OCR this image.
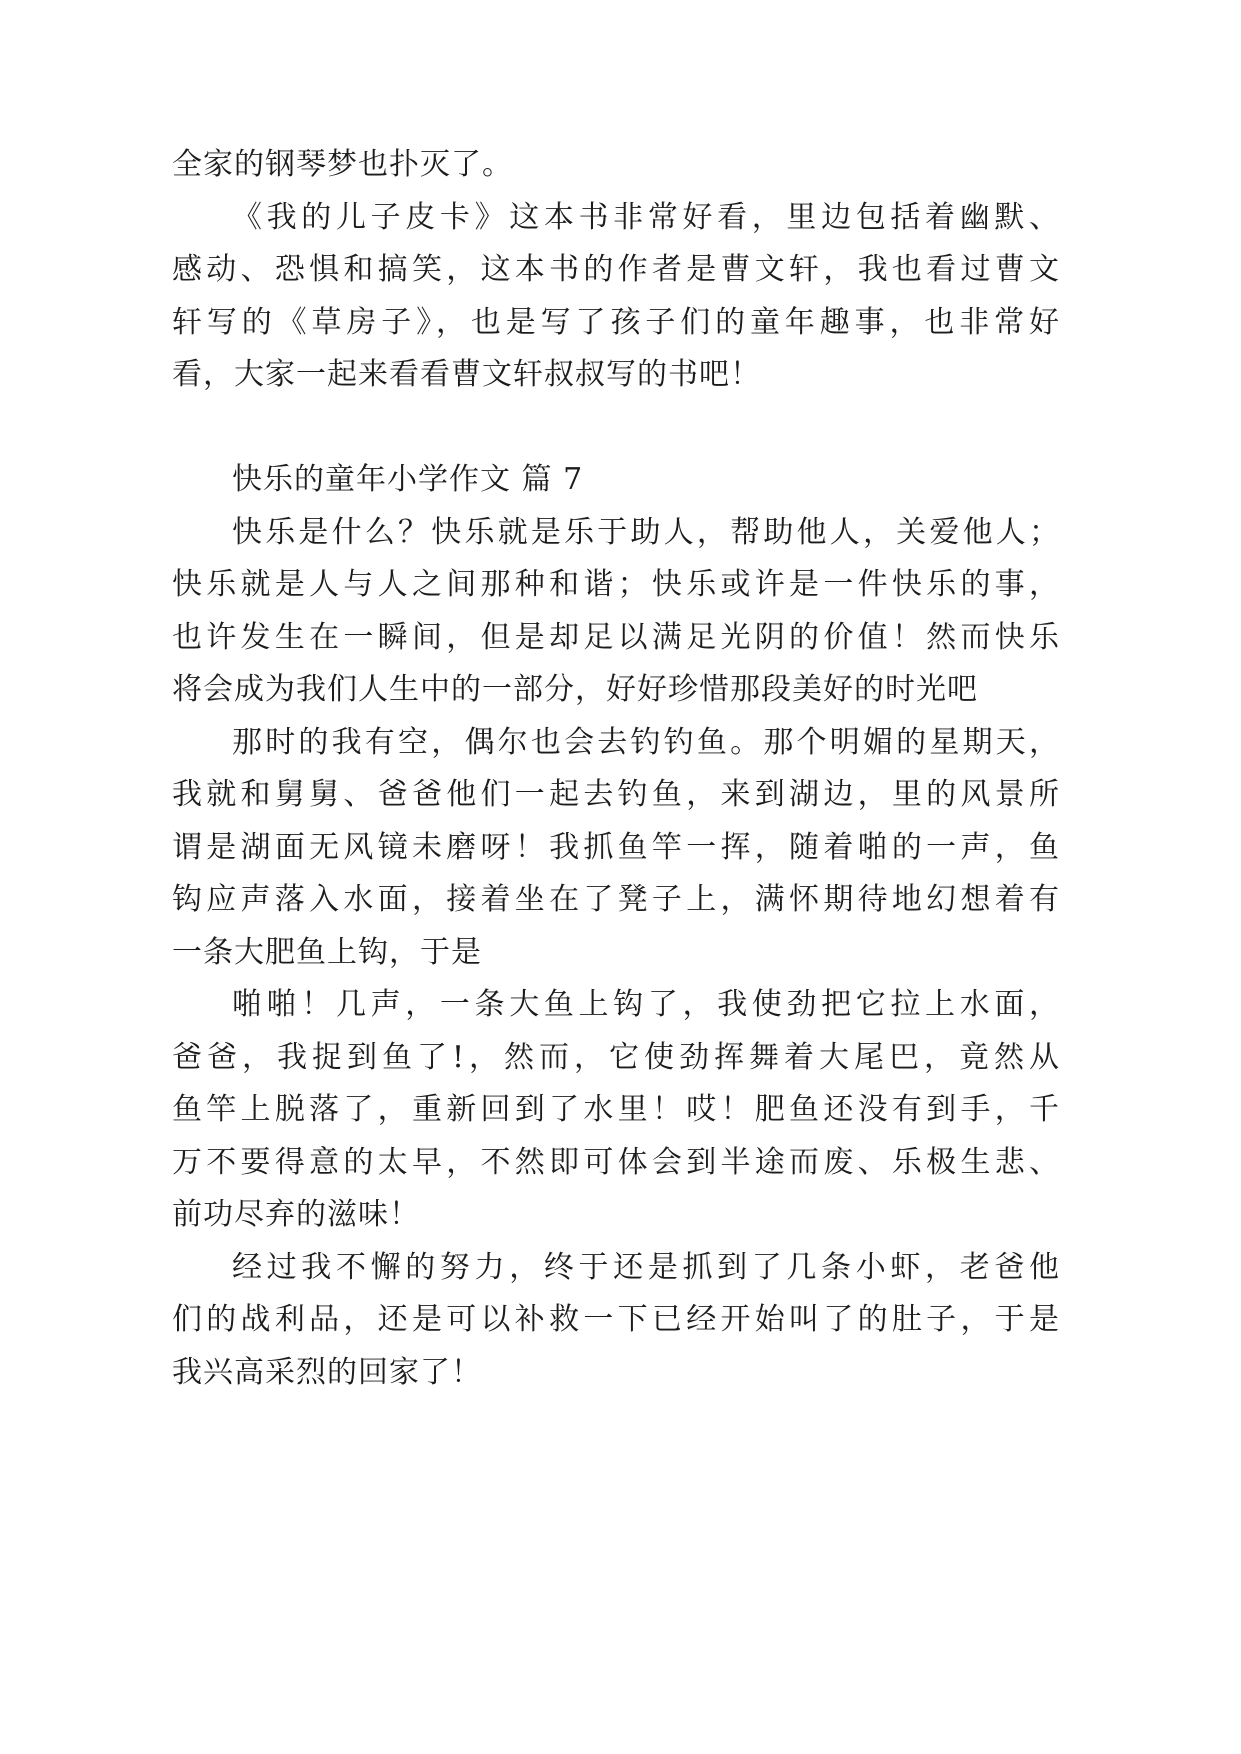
全家的钢琴梦也扑灭了。
《我的儿子皮卡》这本书非常好看，里边包括着幽默、
感动、恐惧和搞笑，这本书的作者是曹文轩，我也看过曹文
轩写的《草房子》，也是写了孩子们的童年趣事，也非常好
看，大家一起来看看曹文轩叔叔写的书吧！
快乐的童年小学作文 篇 7
快乐是什么？快乐就是乐于助人，帮助他人，关爱他人；
快乐就是人与人之间那种和谐；快乐或许是一件快乐的事，
也许发生在一瞬间，但是却足以满足光阴的价值！然而快乐
将会成为我们人生中的一部分，好好珍惜那段美好的时光吧
那时的我有空，偶尔也会去钓钓鱼。那个明媚的星期天，
我就和舅舅、爸爸他们一起去钓鱼，来到湖边，里的风景所
谓是湖面无风镜未磨呀！我抓鱼竿一挥，随着啪的一声，鱼
钩应声落入水面，接着坐在了凳子上，满怀期待地幻想着有
一条大肥鱼上钩，于是
啪啪！几声，一条大鱼上钩了，我使劲把它拉上水面，
爸爸，我捉到鱼了!，然而，它使劲挥舞着大尾巴，竟然从
鱼竿上脱落了，重新回到了水里！哎！肥鱼还没有到手，千
万不要得意的太早，不然即可体会到半途而废、乐极生悲、
前功尽弃的滋味！
经过我不懈的努力，终于还是抓到了几条小虾，老爸他
们的战利品，还是可以补救一下已经开始叫了的肚子，于是
我兴高采烈的回家了！
